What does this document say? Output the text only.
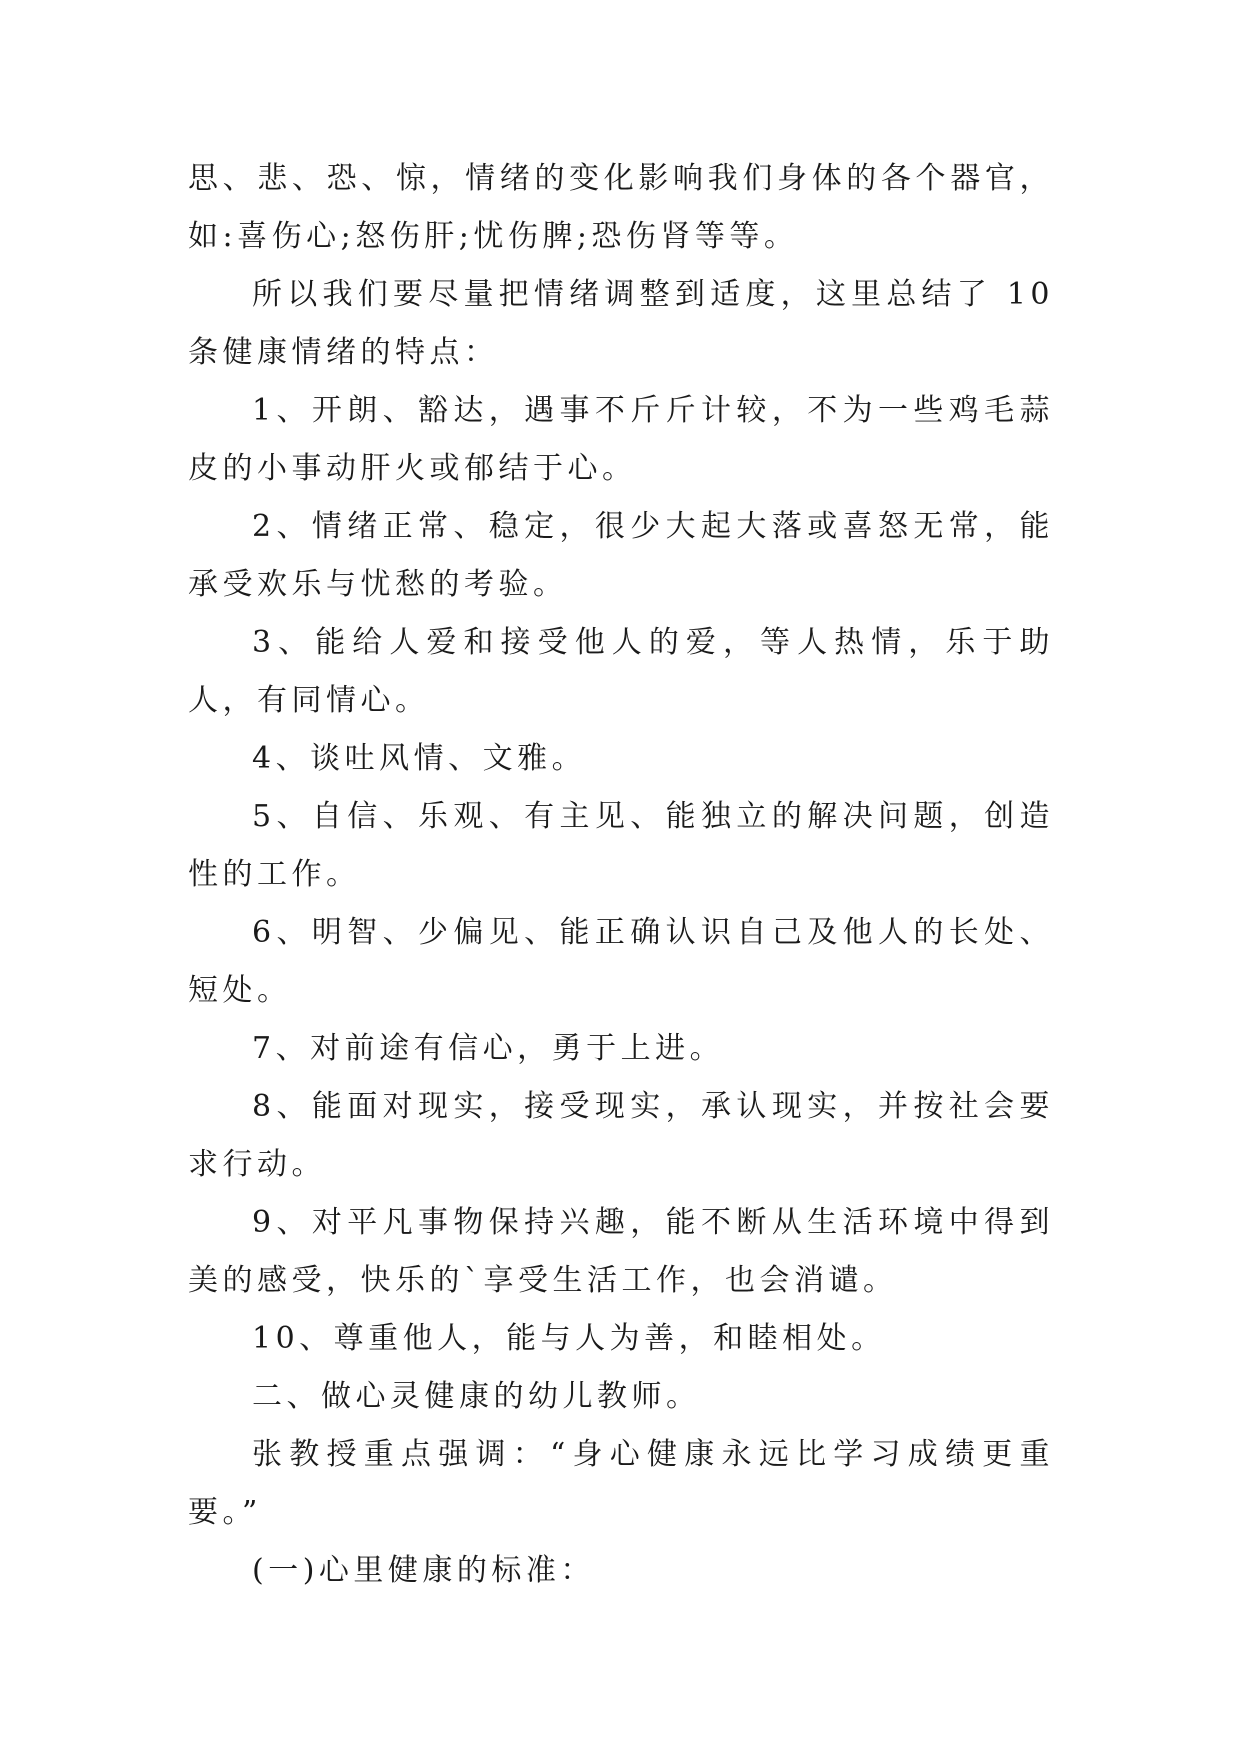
思、悲、恐、惊，情绪的变化影响我们身体的各个器官，如:喜伤心;怒伤肝;忧伤脾;恐伤肾等等。

所以我们要尽量把情绪调整到适度，这里总结了 10 条健康情绪的特点：

1、开朗、豁达，遇事不斤斤计较，不为一些鸡毛蒜皮的小事动肝火或郁结于心。

2、情绪正常、稳定，很少大起大落或喜怒无常，能承受欢乐与忧愁的考验。

3、能给人爱和接受他人的爱，等人热情，乐于助人，有同情心。

4、谈吐风情、文雅。

5、自信、乐观、有主见、能独立的解决问题，创造性的工作。

6、明智、少偏见、能正确认识自己及他人的长处、短处。

7、对前途有信心，勇于上进。

8、能面对现实，接受现实，承认现实，并按社会要求行动。

9、对平凡事物保持兴趣，能不断从生活环境中得到美的感受，快乐的`享受生活工作，也会消谴。

10、尊重他人，能与人为善，和睦相处。

二、做心灵健康的幼儿教师。

张教授重点强调：“身心健康永远比学习成绩更重要。”

(一)心里健康的标准：
